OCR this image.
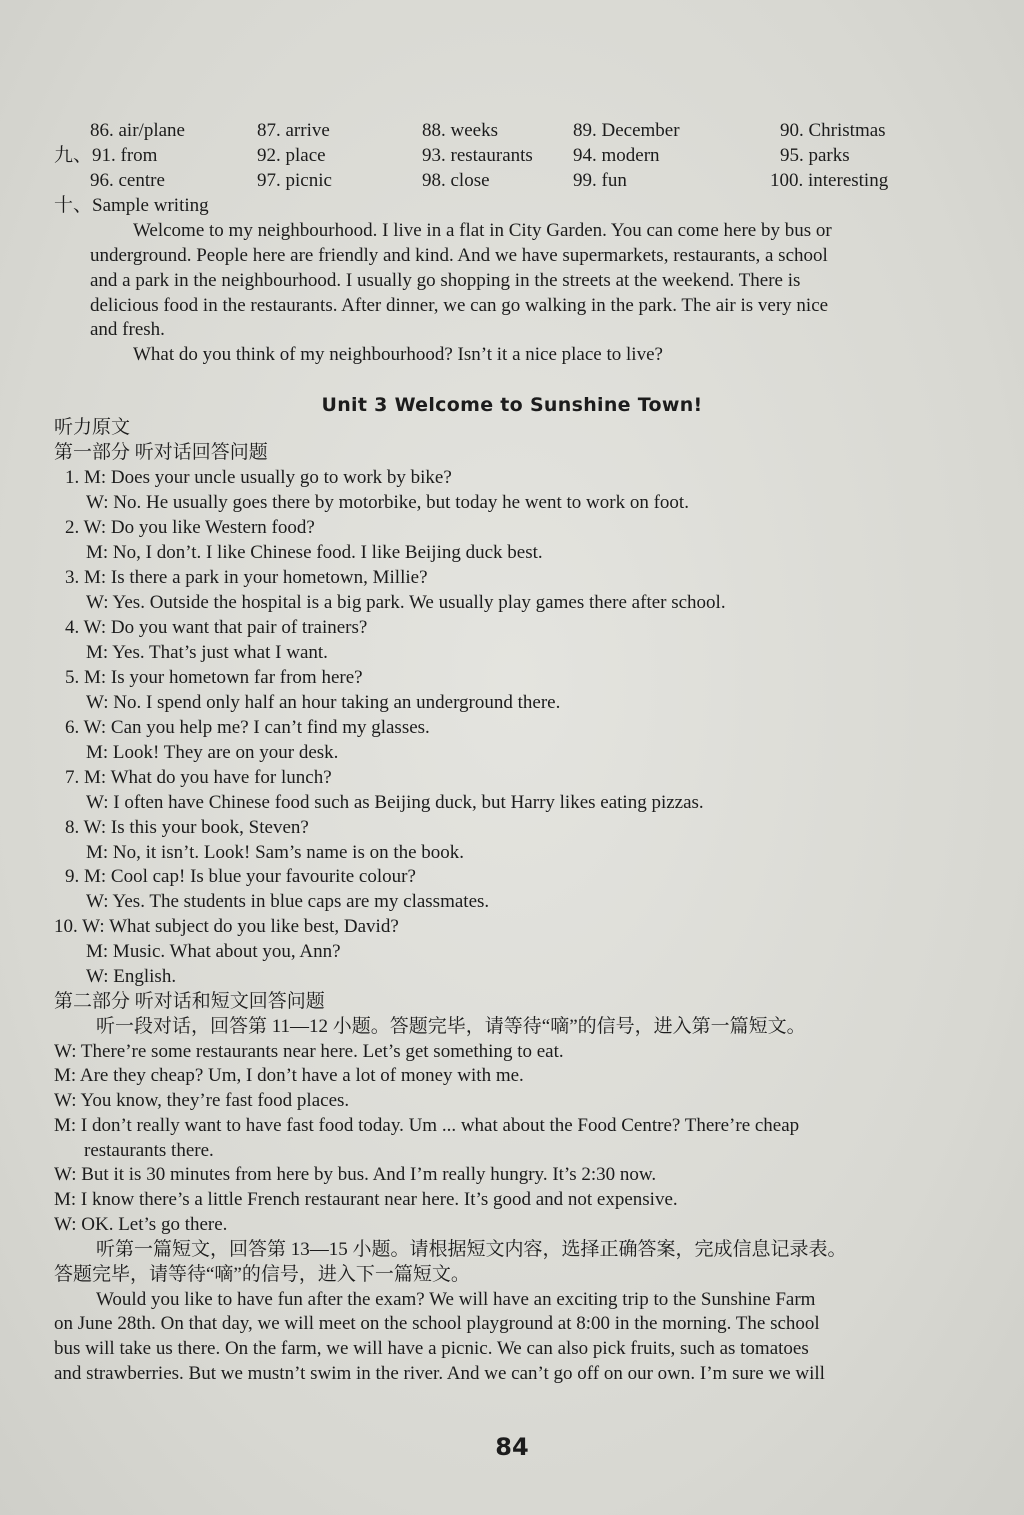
86. air/plane	87. arrive	88. weeks	89. December	90. Christmas
九、91. from	92. place	93. restaurants 94. modern	95. parks
96. centre	97. picnic	98. close	99. fun	100. interesting
十、Sample writing
Welcome to my neighbourhood. I live in a flat in City Garden. You can come here by bus or
underground. People here are friendly and kind. And we have supermarkets, restaurants, a school
and a park in the neighbourhood. I usually go shopping in the streets at the weekend. There is
delicious food in the restaurants. After dinner, we can go walking in the park. The air is very nice
and fresh.
What do you think of my neighbourhood? Isn’t it a nice place to live?
Unit 3 Welcome to Sunshine Town!
听力原文
第一部分 听对话回答问题
1. M: Does your uncle usually go to work by bike?
W: No. He usually goes there by motorbike, but today he went to work on foot.
2. W: Do you like Western food?
M: No, I don’t. I like Chinese food. I like Beijing duck best.
3. M: Is there a park in your hometown, Millie?
W: Yes. Outside the hospital is a big park. We usually play games there after school.
4. W: Do you want that pair of trainers?
M: Yes. That’s just what I want.
5. M: Is your hometown far from here?
W: No. I spend only half an hour taking an underground there.
6. W: Can you help me? I can’t find my glasses.
M: Look! They are on your desk.
7. M: What do you have for lunch?
W: I often have Chinese food such as Beijing duck, but Harry likes eating pizzas.
8. W: Is this your book, Steven?
M: No, it isn’t. Look! Sam’s name is on the book.
9. M: Cool cap! Is blue your favourite colour?
W: Yes. The students in blue caps are my classmates.
10. W: What subject do you like best, David?
M: Music. What about you, Ann?
W: English.
第二部分 听对话和短文回答问题
听一段对话，回答第 11—12 小题。答题完毕，请等待“嘀”的信号，进入第一篇短文。
W: There’re some restaurants near here. Let’s get something to eat.
M: Are they cheap? Um, I don’t have a lot of money with me.
W: You know, they’re fast food places.
M: I don’t really want to have fast food today. Um ... what about the Food Centre? There’re cheap
restaurants there.
W: But it is 30 minutes from here by bus. And I’m really hungry. It’s 2:30 now.
M: I know there’s a little French restaurant near here. It’s good and not expensive.
W: OK. Let’s go there.
听第一篇短文，回答第 13—15 小题。请根据短文内容，选择正确答案，完成信息记录表。
答题完毕，请等待“嘀”的信号，进入下一篇短文。
Would you like to have fun after the exam? We will have an exciting trip to the Sunshine Farm
on June 28th. On that day, we will meet on the school playground at 8:00 in the morning. The school
bus will take us there. On the farm, we will have a picnic. We can also pick fruits, such as tomatoes
and strawberries. But we mustn’t swim in the river. And we can’t go off on our own. I’m sure we will
84
